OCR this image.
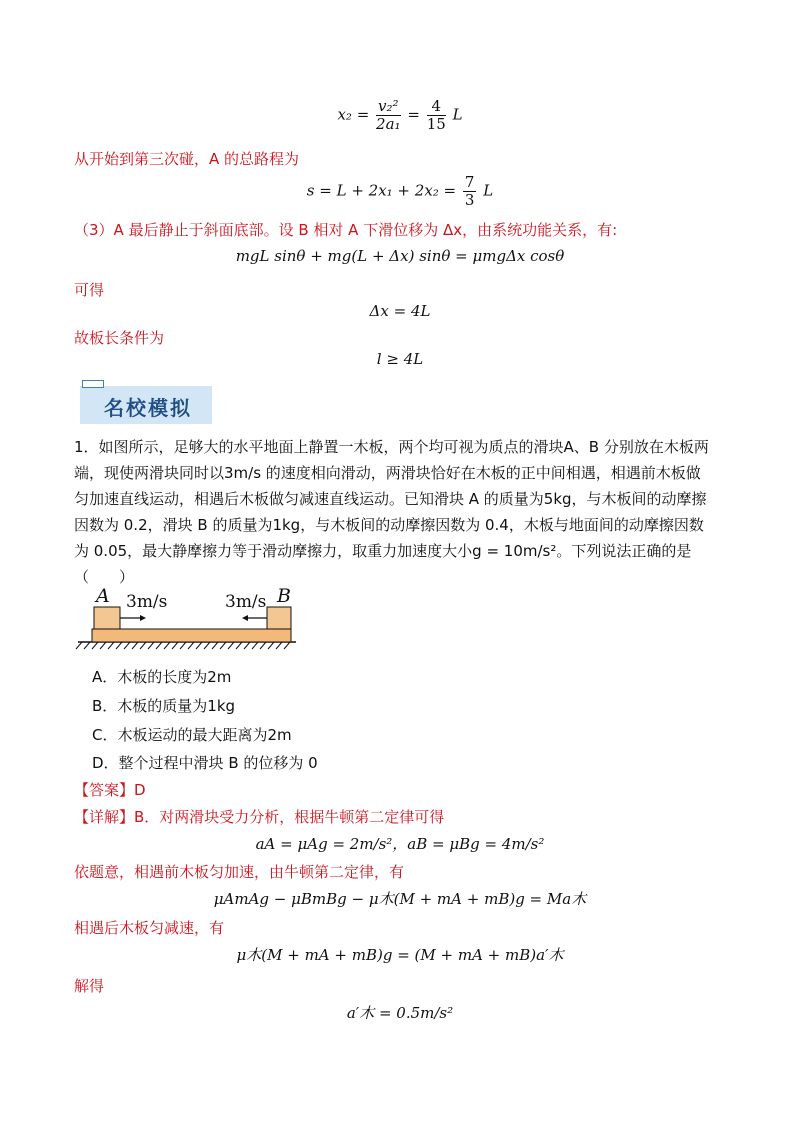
$x_2 = \frac{\text{v₂²}}{\text{2a₁}} = \frac{4}{15}$ L
从开始到第三次碰，A 的总路程为
$s = L + 2x_1 + 2x_2 = \frac{7}{3}$ L
（3）A 最后静止于斜面底部。设 B 相对 A 下滑位移为 Δx，由系统功能关系，有:
mgL sinθ + mg(L + Δx) sinθ = μmgΔx cosθ
可得
Δx = 4L
故板长条件为
l ≥ 4L
名校模拟
1．如图所示，足够大的水平地面上静置一木板，两个均可视为质点的滑块A、B 分别放在木板两端，现使两滑块同时以3m/s 的速度相向滑动，两滑块恰好在木板的正中间相遇，相遇前木板做匀加速直线运动，相遇后木板做匀减速直线运动。已知滑块 A 的质量为5kg，与木板间的动摩擦因数为 0.2，滑块 B 的质量为1kg，与木板间的动摩擦因数为 0.4，木板与地面间的动摩擦因数为 0.05，最大静摩擦力等于滑动摩擦力，取重力加速度大小g = 10m/s²。下列说法正确的是（　　）
A 3m/s	3m/s B
A．木板的长度为2m
B．木板的质量为1kg
C．木板运动的最大距离为2m
D．整个过程中滑块 B 的位移为 0
【答案】D
【详解】B．对两滑块受力分析，根据牛顿第二定律可得
aA = μAg = 2m/s²，aB = μBg = 4m/s²
依题意，相遇前木板匀加速，由牛顿第二定律，有
μAmAg − μBmBg − μ木(M + mA + mB)g = Ma木
相遇后木板匀减速，有
μ木(M + mA + mB)g = (M + mA + mB)a′木
解得
a′木 = 0.5m/s²
